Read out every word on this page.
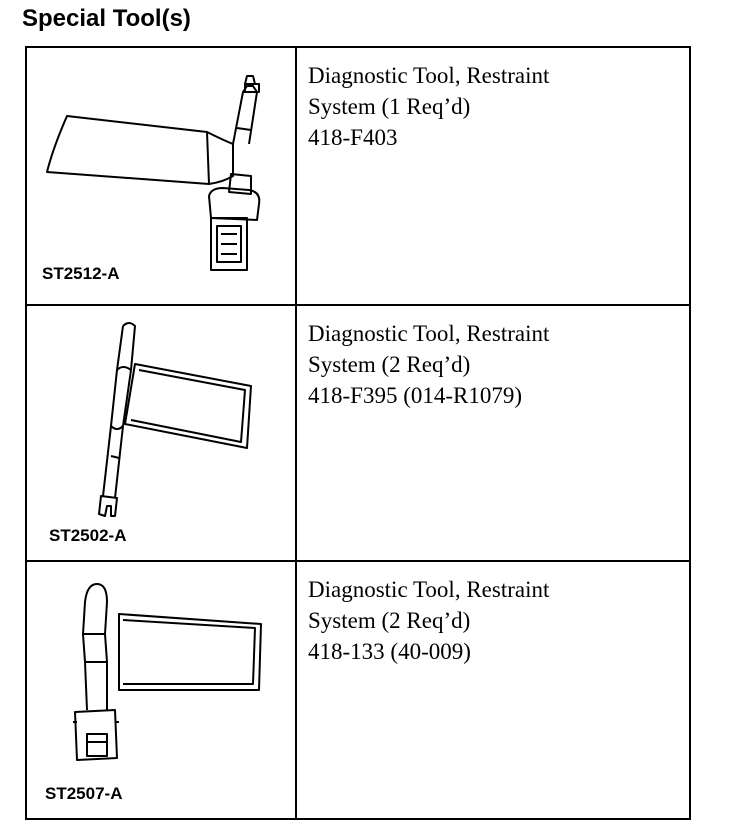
Special Tool(s)
ST2512-A	Diagnostic Tool, Restraint
System (1 Req’d)
418-F403

ST2502-A	Diagnostic Tool, Restraint
System (2 Req’d)
418-F395 (014-R1079)

ST2507-A	Diagnostic Tool, Restraint
System (2 Req’d)
418-133 (40-009)
